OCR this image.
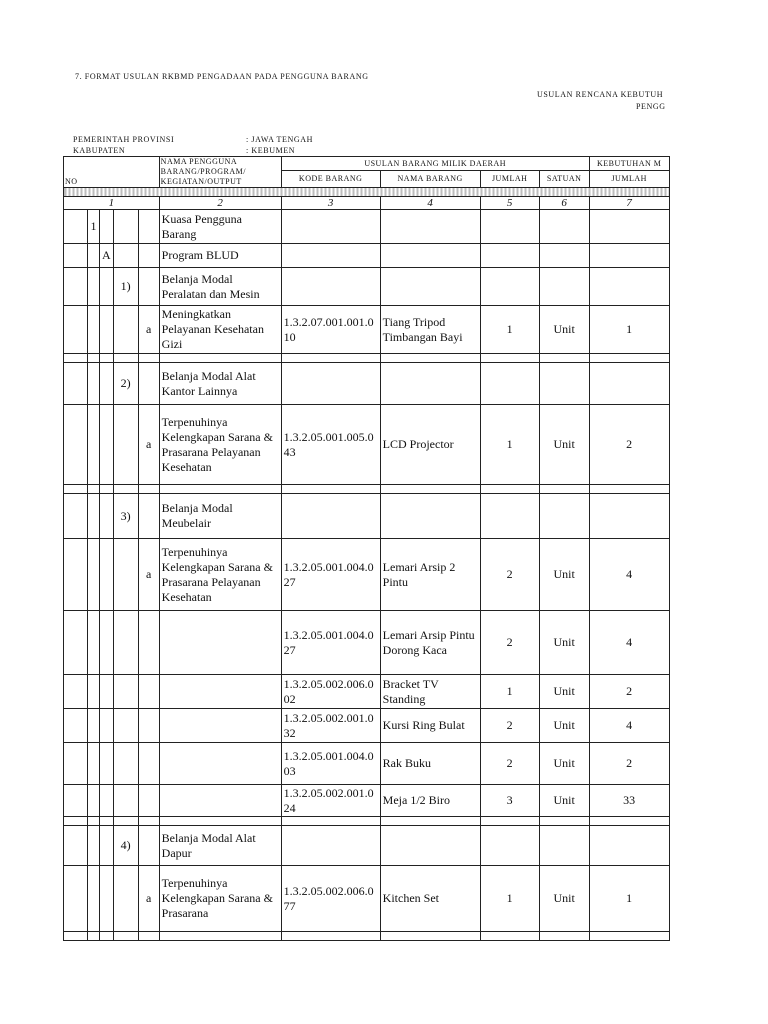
7. FORMAT USULAN RKBMD PENGADAAN PADA PENGGUNA BARANG
USULAN RENCANA KEBUTUH
PENGG
PEMERINTAH PROVINSI	: JAWA TENGAH
KABUPATEN	: KEBUMEN
NO					NAMA PENGGUNA
BARANG/PROGRAM/
KEGIATAN/OUTPUT	USULAN BARANG MILIK DAERAH				KEBUTUHAN M
						KODE BARANG	NAMA BARANG	JUMLAH	SATUAN	JUMLAH

1					2	3	4	5	6	7
	1				Kuasa Pengguna Barang					
		A			Program BLUD					
			1)		Belanja Modal Peralatan dan Mesin					
				a	Meningkatkan Pelayanan Kesehatan Gizi	1.3.2.07.001.001.010	Tiang Tripod Timbangan Bayi	1	Unit	1

			2)		Belanja Modal Alat Kantor Lainnya					
				a	Terpenuhinya Kelengkapan Sarana & Prasarana Pelayanan Kesehatan	1.3.2.05.001.005.043	LCD Projector	1	Unit	2

			3)		Belanja Modal Meubelair					
				a	Terpenuhinya Kelengkapan Sarana & Prasarana Pelayanan Kesehatan	1.3.2.05.001.004.027	Lemari Arsip 2 Pintu	2	Unit	4
						1.3.2.05.001.004.027	Lemari Arsip Pintu Dorong Kaca	2	Unit	4
						1.3.2.05.002.006.002	Bracket TV Standing	1	Unit	2
						1.3.2.05.002.001.032	Kursi Ring Bulat	2	Unit	4
						1.3.2.05.001.004.003	Rak Buku	2	Unit	2
						1.3.2.05.002.001.024	Meja 1/2 Biro	3	Unit	33

			4)		Belanja Modal Alat Dapur					
				a	Terpenuhinya Kelengkapan Sarana & Prasarana	1.3.2.05.002.006.077	Kitchen Set	1	Unit	1
